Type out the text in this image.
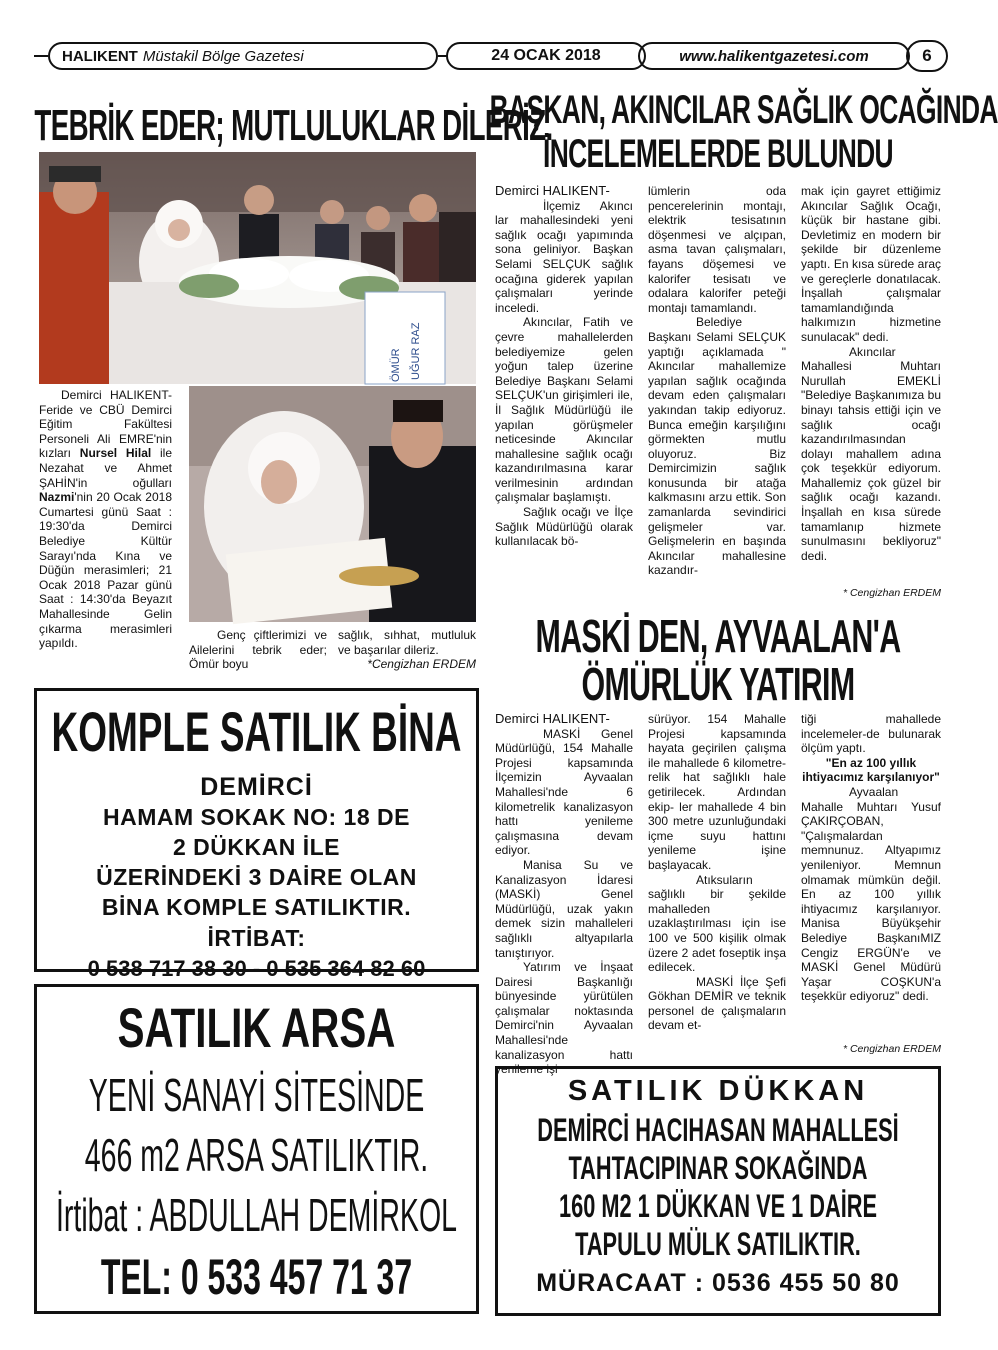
HALIKENT Müstakil Bölge Gazetesi	24 OCAK 2018	www.halikentgazetesi.com	6
TEBRİK EDER; MUTLULUKLAR DİLERİZ.
UĞUR RAZ
ÖMÜR

Demirci HALIKENT- Feride ve CBÜ Demirci Eğitim Fakültesi Personeli Ali EMRE'nin kızları Nursel Hilal ile Nezahat ve Ahmet ŞAHİN'in oğulları Nazmi'nin 20 Ocak 2018 Cumartesi günü Saat : 19:30'da Demirci Belediye Kültür Sarayı'nda Kına ve Düğün merasimleri; 21 Ocak 2018 Pazar günü Saat : 14:30'da Beyazıt Mahallesinde Gelin çıkarma merasimleri yapıldı.

Genç çiftlerimizi ve Ailelerini tebrik eder; Ömür boyu

sağlık, sıhhat, mutluluk ve başarılar dileriz.

*Cengizhan ERDEM
BAŞKAN, AKINCILAR SAĞLIK OCAĞINDA
İNCELEMELERDE BULUNDU

Demirci HALIKENT-

İlçemiz Akıncı lar mahallesindeki yeni sağlık ocağı yapımında sona geliniyor. Başkan Selami SELÇUK sağlık ocağına giderek yapılan çalışmaları yerinde inceledi.

Akıncılar, Fatih ve çevre mahallelerden belediyemize gelen yoğun talep üzerine Belediye Başkanı Selami SELÇUK'un girişimleri ile, İl Sağlık Müdürlüğü ile yapılan görüşmeler neticesinde Akıncılar mahallesine sağlık ocağı kazandırılmasına karar verilmesinin ardından çalışmalar başlamıştı.

Sağlık ocağı ve İlçe Sağlık Müdürlüğü olarak kullanılacak bö-

lümlerin oda pencerelerinin montajı, elektrik tesisatının döşenmesi ve alçıpan, asma tavan çalışmaları, fayans döşemesi ve kalorifer tesisatı ve odalara kalorifer peteği montajı tamamlandı.

Belediye Başkanı Selami SELÇUK yaptığı açıklamada " Akıncılar mahallemize yapılan sağlık ocağında devam eden çalışmaları yakından takip ediyoruz. Bunca emeğin karşılığını görmekten mutlu oluyoruz. Biz Demircimizin sağlık konusunda bir atağa kalkmasını arzu ettik. Son zamanlarda sevindirici gelişmeler var. Gelişmelerin en başında Akıncılar mahallesine kazandır-

mak için gayret ettiğimiz Akıncılar Sağlık Ocağı, küçük bir hastane gibi. Devletimiz en modern bir şekilde bir düzenleme yaptı. En kısa sürede araç ve gereçlerle donatılacak. İnşallah çalışmalar tamamlandığında halkımızın hizmetine sunulacak" dedi.

Akıncılar Mahallesi Muhtarı Nurullah EMEKLİ "Belediye Başkanımıza bu binayı tahsis ettiği için ve sağlık ocağı kazandırılmasından dolayı mahallem adına çok teşekkür ediyorum. Mahallemiz çok güzel bir sağlık ocağı kazandı. İnşallah en kısa sürede tamamlanıp hizmete sunulmasını bekliyoruz" dedi.

* Cengizhan ERDEM
MASKİ DEN, AYVAALAN'A
ÖMÜRLÜK YATIRIM

Demirci HALIKENT-

MASKİ Genel Müdürlüğü, 154 Mahalle Projesi kapsamında İlçemizin Ayvaalan Mahallesi'nde 6 kilometrelik kanalizasyon hattı yenileme çalışmasına devam ediyor.

Manisa Su ve Kanalizasyon İdaresi (MASKİ) Genel Müdürlüğü, uzak yakın demek sizin mahalleleri sağlıklı altyapılarla tanıştırıyor.

Yatırım ve İnşaat Dairesi Başkanlığı bünyesinde yürütülen çalışmalar noktasında Demirci'nin Ayvaalan Mahallesi'nde kanalizasyon hattı yenileme işi

sürüyor. 154 Mahalle Projesi kapsamında hayata geçirilen çalışma ile mahallede 6 kilometre-relik hat sağlıklı hale getirilecek. Ardından ekip- ler mahallede 4 bin 300 metre uzunluğundaki içme suyu hattını yenileme işine başlayacak.

Atıksuların sağlıklı bir şekilde mahalleden uzaklaştırılması için ise 100 ve 500 kişilik olmak üzere 2 adet foseptik inşa edilecek.

MASKİ İlçe Şefi Gökhan DEMİR ve teknik personel de çalışmaların devam et-

tiği mahallede incelemeler-de bulunarak ölçüm yaptı.

"En az 100 yıllık ihtiyacımız karşılanıyor"

Ayvaalan Mahalle Muhtarı Yusuf ÇAKIRÇOBAN, "Çalışmalardan memnunuz. Altyapımız yenileniyor. Memnun olmamak mümkün değil. En az 100 yıllık ihtiyacımız karşılanıyor. Manisa Büyükşehir Belediye BaşkanıMIZ Cengiz ERGÜN'e ve MASKİ Genel Müdürü Yaşar COŞKUN'a teşekkür ediyoruz" dedi.

* Cengizhan ERDEM
KOMPLE SATILIK BİNA
DEMİRCİ
HAMAM SOKAK NO: 18 DE
2 DÜKKAN İLE
ÜZERİNDEKİ 3 DAİRE OLAN
BİNA KOMPLE SATILIKTIR.
İRTİBAT:
0 538 717 38 30 - 0 535 364 82 60
SATILIK ARSA
YENİ SANAYİ SİTESİNDE
466 m2 ARSA SATILIKTIR.
İrtibat : ABDULLAH DEMİRKOL
TEL: 0 533 457 71 37
SATILIK DÜKKAN
DEMİRCİ HACIHASAN MAHALLESİ
TAHTACIPINAR SOKAĞINDA
160 M2 1 DÜKKAN VE 1 DAİRE
TAPULU MÜLK SATILIKTIR.
MÜRACAAT : 0536 455 50 80
